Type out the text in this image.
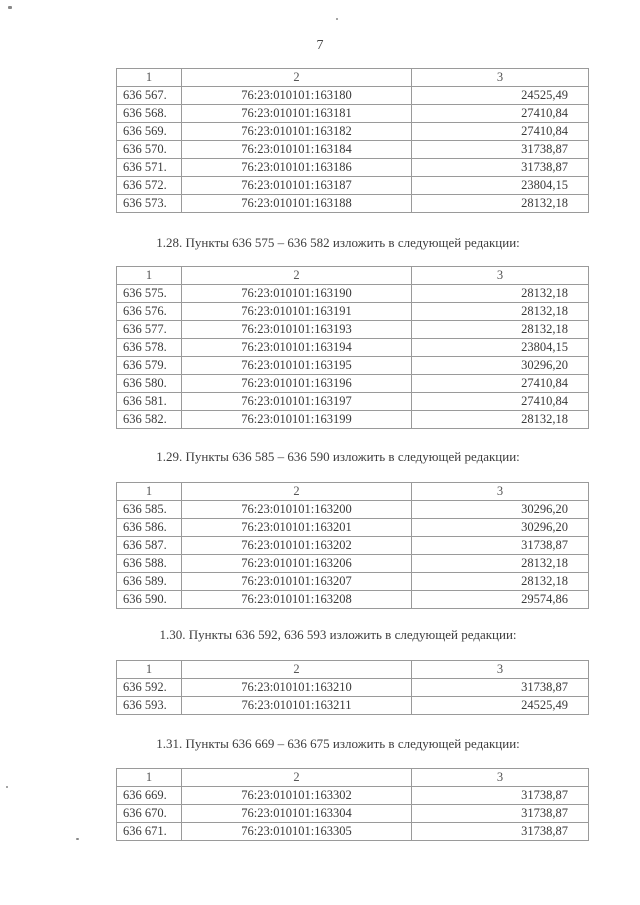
7
1	2	3
636 567.	76:23:010101:163180	24525,49
636 568.	76:23:010101:163181	27410,84
636 569.	76:23:010101:163182	27410,84
636 570.	76:23:010101:163184	31738,87
636 571.	76:23:010101:163186	31738,87
636 572.	76:23:010101:163187	23804,15
636 573.	76:23:010101:163188	28132,18
1.28. Пункты 636 575 – 636 582 изложить в следующей редакции:
1	2	3
636 575.	76:23:010101:163190	28132,18
636 576.	76:23:010101:163191	28132,18
636 577.	76:23:010101:163193	28132,18
636 578.	76:23:010101:163194	23804,15
636 579.	76:23:010101:163195	30296,20
636 580.	76:23:010101:163196	27410,84
636 581.	76:23:010101:163197	27410,84
636 582.	76:23:010101:163199	28132,18
1.29. Пункты 636 585 – 636 590 изложить в следующей редакции:
1	2	3
636 585.	76:23:010101:163200	30296,20
636 586.	76:23:010101:163201	30296,20
636 587.	76:23:010101:163202	31738,87
636 588.	76:23:010101:163206	28132,18
636 589.	76:23:010101:163207	28132,18
636 590.	76:23:010101:163208	29574,86
1.30. Пункты 636 592, 636 593 изложить в следующей редакции:
1	2	3
636 592.	76:23:010101:163210	31738,87
636 593.	76:23:010101:163211	24525,49
1.31. Пункты 636 669 – 636 675 изложить в следующей редакции:
1	2	3
636 669.	76:23:010101:163302	31738,87
636 670.	76:23:010101:163304	31738,87
636 671.	76:23:010101:163305	31738,87
